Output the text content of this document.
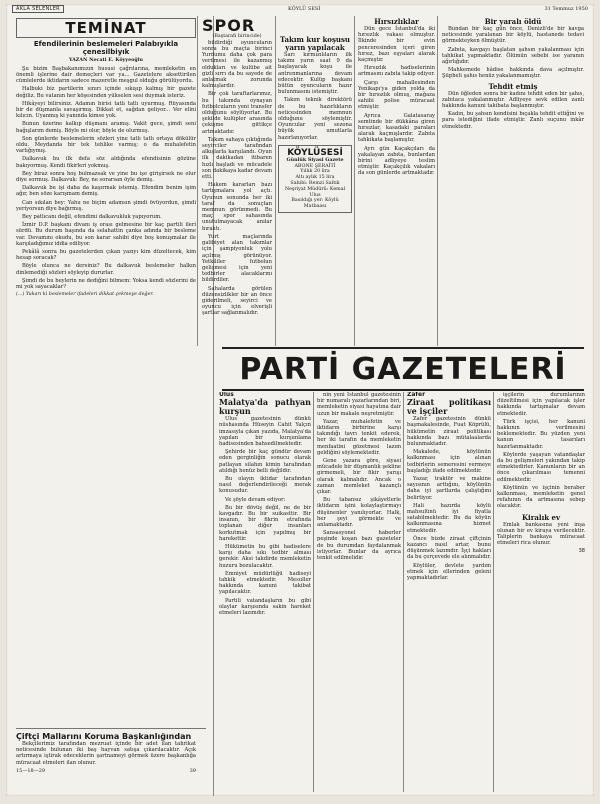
AKLA SELENLER	KÖYLÜ SESİ	31 Temmuz 1950
TEMİNAT
Efendilerinin beslemeleri Palabıyıkla çenesilbiyık
YAZAN Necati E. Köyyeoğlu

Şu bizim Başbakanımızın hususi çağrılarına, memleketin en önemli işlerine dair demeçleri var ya... Gazetelere aksettirilen cümlelerde iktidarın sadece mazeretle meşgul olduğu görülüyordu.

Halbuki biz partilerin sınırı içinde sıkışıp kalmış bir gazete değiliz. Bu vatanın her köşesinden yükselen sesi duymak isteriz.

Hikâyeyi bilirsiniz. Adamın birisi tatlı tatlı uyurmuş. Rüyasında bir de düşmanla savaşırmış. Dikkat et, sağdan geliyor... Ver elini kılıcın. Uyanmış ki yanında kimse yok.

Bunun üzerine kalkıp düşmanı aramış. Vakit gece, şimdi seni bağışlarım demiş. Böyle mi olur, böyle de olurmuş.

Son günlerde beslemelerin sözleri yine tatlı tatlı ortaya dökülür oldu. Meydanda bir tek tehlike varmış; o da muhalefetin varlığıymış.

Dalkavuk bu ilk defa söz aldığında efendisinin gözüne bakıyormuş. Kendi fikirleri yokmuş.

Bey biraz sonra hoş bulmazsak ve yine bu işe girişirsek ne olur diye sormuş. Dalkavuk: Bey, ne sorarsan öyle demiş.

Dalkavuk bu işi daha da kaşırmak istemiş. Efendim benim işim ağır, ben söze karışmam demiş.

Can sıkılan bey: Yahu ne biçim adamsın şimdi övüyordun, şimdi yeriyorsun diye bağırmış.

Bey patlıcanı değil, efendimi dalkavukluk yapıyorum.

İzmir D.P. başkanı divanı iş orası gelmesine bir kaç partili ileri sürdü. Bu durum başında da selahattin çanka adında bir besleme var. Devamını okudu, bu son karar sahibi diye boş konuşmalar ile karşıladığımız iddia ediliyor.

Pekâlâ sonra bu gazetelerden çıkan yazıyı kim düzeltecek, kim hesap soracak?

Böyle olunca ne dersiniz? Bu dalkavuk beslemeler halkın dinlemediği sözleri söyleyip dururlar.

Şimdi de bu beylerin ne dediğini bilmem: Yoksa kendi sözlerini de mi yok sayacaklar?

(...) Yukarı ki beslemeler ifadeleri dikkat çekmeye değer.
Çiftçi Mallarını Koruma Başkanlığından

Bekçilerimiz tarafından mezruat içinde bir adet ilan tahrikat neticesinde bulunan iki baş hayvan satışa çıkarılacaktır. Açık artırmaya iştirak edeceklerin şartnameyi görmek üzere başkanlığa müracaat etmeleri ilan olunur.

15—18—29	39
SPOR
(Baştarafı birincide)

bildirdiği oyuncuların sonra bu maçta birinci Yurdumu daha çok para verilmesi ile kazanmış oldukları ve kulübe ait gizli sırrı da bu sayede de anlatmak zorunda kalmışlardır.

Bir çok taraftarlarımız, bu takımda oynayan futbolcuların yeni transfer olduğunu söylüyorlar. Bu şekilde kulüpler arasında çekişme gittikçe artmaktadır.

Takım sahaya çıktığında seyirciler tarafından alkışlarla karşılandı. Oyun ilk dakikadan itibaren hızlı başladı ve mücadele son dakikaya kadar devam etti.

Hakem kararları bazı tartışmalara yol açtı. Oyunun sonunda her iki taraf da sonuçtan memnun görünmedi. Bu maç spor sahasında unutulmayacak anılar bıraktı.

Yurt maçlarında galibiyet alan takımlar için şampiyonluk yolu açılmış görünüyor. Yetkililer futbolun gelişmesi için yeni tedbirler alacaklarını bildirdiler.

Sahalarda görülen düzensizlikler bir an önce giderilmeli, seyirci ve oyuncu için elverişli şartlar sağlanmalıdır.

Takım kur koşusu yarın yapılacak

Sarı kırmızılıların ilk takımı yarın saat 9 da başlayacak koşu ile antrenmanlarına devam edecektir. Kulüp başkanı bütün oyuncuların hazır bulunmasını istemiştir.

Takım teknik direktörü de bu hazırlıkların neticesinden memnun olduğunu söylemiştir. Oyuncular yeni sezona büyük umutlarla hazırlanıyorlar.

KÖYLÜSESİ
Günlük Siyasi Gazete
ABONE ŞERAİTİ
Yıllık 20 lira
Altı aylık 15 lira
Sahibi: Remzi Saltık
Neşriyat Müdürü: Kemal Ulus
Basıldığı yer: Köylü Matbaası
Hırsızlıklar

Dün gece İstanbul'da iki hırsızlık vakası olmuştur. İlkinde bir evin penceresinden içeri giren hırsız, bazı eşyaları alarak kaçmıştır.

Hırsızlık hadiselerinin artmasını zabıta takip ediyor.

Çarşı mahallesinden Yenikapı'ya giden yolda da bir hırsızlık olmuş, mağaza sahibi polise müracaat etmiştir.

Ayrıca Galatasaray semtinde bir dükkâna giren hırsızlar, kasadaki paraları alarak kaçmışlardır. Zabıta tahkikata başlamıştır.

Ayrı gün Kaçakçıları da yakalayan zabıta, bunlardan birini adliyeye teslim etmiştir. Kaçakçılık vakaları da son günlerde artmaktadır.

Bir yaralı öldü

Bundan bir kaç gün önce, Denizli'de bir kavga neticesinde yaralanan bir köylü, hastanede tedavi görmekteyken ölmüştür.

Zabıta, kavgayı başlatan şahsın yakalanması için tahkikat yapmaktadır. Ölümün sebebi ise yaranın ağırlığıdır.

Mahkemede hâdise hakkında dava açılmıştır. Şüpheli şahıs henüz yakalanmamıştır.

Tehdit etmiş

Dün öğleden sonra bir kadını tehdit eden bir şahıs, zabıtaca yakalanmıştır. Adliyeye sevk edilen zanlı hakkında kanuni takibata başlanmıştır.

Kadın, bu şahsın kendisini bıçakla tehdit ettiğini ve para istediğini ifade etmiştir. Zanlı suçunu inkâr etmektedir.

PARTİ GAZETELERİ
Ulus
Malatya'da pathyan kurşun

Ulus gazetesinin dünkü nüshasında Hüseyin Cahit Yalçın imzasıyla çıkan yazıda, Malatya'da yapılan bir kurşunlama hadisesinden bahsedilmektedir.

Şehirde bir kaç gündür devam eden gerginliğin sonucu olarak patlayan silahın kimin tarafından atıldığı henüz belli değildir.

Bu olayın iktidar tarafından nasıl değerlendirileceği merak konusudur.

Ve şöyle devam ediyor:

Bu bir dövüş değil, ne de bir kavgadır. Bu bir suikasttir. Bir insanın, bir fikrin etrafında toplanan diğer insanları korkutmak için yapılmış bir harekettir.

Hükümetin bu gibi hadiselere karşı daha sıkı tedbir alması gerekir. Aksi takdirde memleketin huzuru bozulacaktır.

Emniyet müdürlüğü hadiseyi tahkik etmektedir. Mesuller hakkında kanuni takibat yapılacaktır.

Partili vatandaşların bu gibi olaylar karşısında sakin hareket etmeleri lazımdır.

nin yeni İstanbul gazetesinin bir numaralı yazarlarından biri, memleketin siyasi hayatına dair uzun bir makale neşretmiştir.

Yazar, muhalefetin ve iktidarın birbirine karşı takındığı tavrı tenkit ederek, her iki tarafın da memleketin menfaatini gözetmesi lazım geldiğini söylemektedir.

Gene yazara göre, siyasi mücadele bir düşmanlık şekline girmemeli, bir fikir yarışı olarak kalmalıdır. Ancak o zaman memleket kazançlı çıkar.

Bu tabansız şikâyetlerle iktidarın işini kolaylaştırmayı düşünenler yanılıyorlar. Halk, her şeyi görmekte ve anlamaktadır.

Sansasyonel haberler peşinde koşan bazı gazeteler de bu durumdan faydalanmak istiyorlar. Bunlar da ayrıca tenkit edilmelidir.

Zafer
Ziraat politikası ve işçiler

Zafer gazetesinin dünkü başmakalesinde, Fuat Köprülü, hükümetin ziraat politikası hakkında bazı mütalaalarda bulunmaktadır.

Makalede, köylünün kalkınması için alınan tedbirlerin semeresini vermeye başladığı ifade edilmektedir.

Yazar, traktör ve makine sayısının arttığını, köylünün daha iyi şartlarda çalıştığını belirtiyor.

Hali hazırda köylü mahsulünü iyi fiyatla satabilmektedir. Bu da köyün kalkınmasına hizmet etmektedir.

Önce bizde ziraat çiftçinin kazancı nasıl artar, bunu düşünmek lazımdır. İşçi hakları da bu çerçevede ele alınmalıdır.

Köylüler, devlete yardım etmek için ellerinden geleni yapmaktadırlar.

işçilerin durumlarının düzeltilmesi için yapılacak işler hakkında tartışmalar devam etmektedir.

Türk işçisi, her kanuni hakkının verilmesini beklemektedir. Bu yüzden yeni kanun tasarıları hazırlanmaktadır.

Köylerde yaşayan vatandaşlar da bu gelişmeleri yakından takip etmektedirler. Kanunların bir an önce çıkarılması temenni edilmektedir.

Köylünün ve işçinin beraber kalkınması, memleketin genel refahının da artmasına sebep olacaktır.

Kiralık ev

Emlak bankasına yeni inşa olunan bir ev kiraya verilecektir. Taliplerin bankaya müracaat etmeleri rica olunur.

38
